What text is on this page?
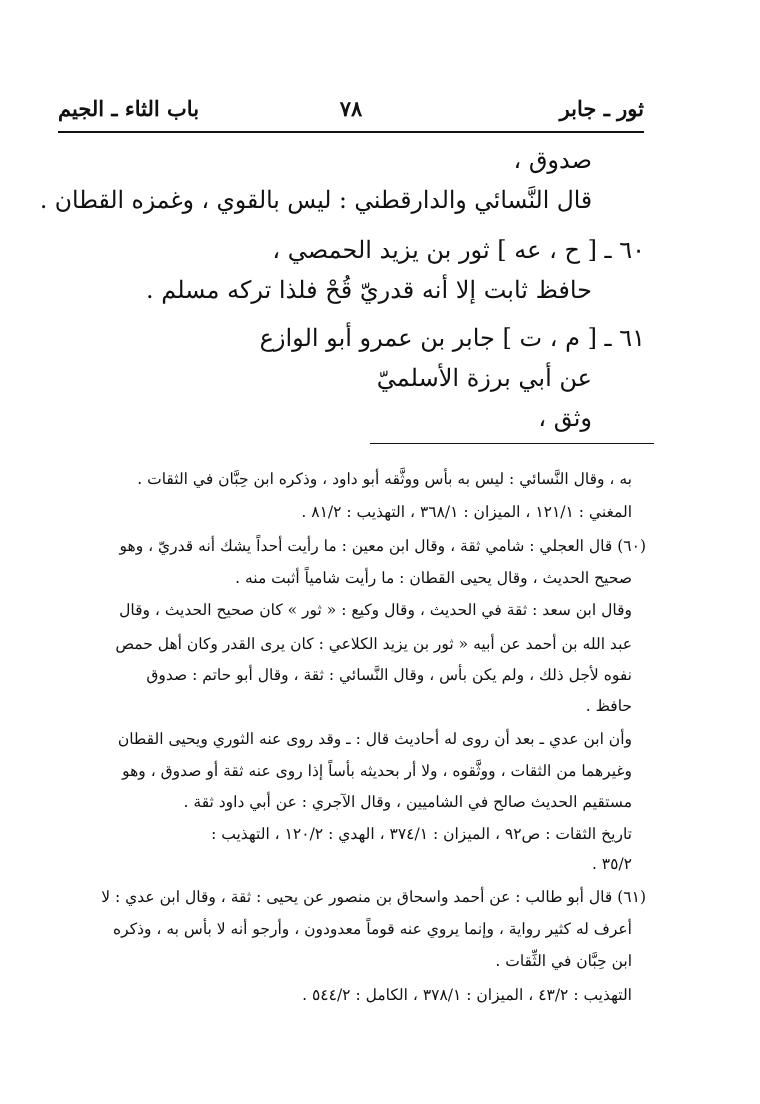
ثور ـ جابر
٧٨
باب الثاء ـ الجيم
صدوق ،
قال النَّسائي والدارقطني : ليس بالقوي ، وغمزه القطان .
٦٠ ـ [ ح ، عه ] ثور بن يزيد الحمصي ،
حافظ ثابت إلا أنه قدريّ قُحْ فلذا تركه مسلم .
٦١ ـ [ م ، ت ] جابر بن عمرو أبو الوازع
عن أبي برزة الأسلميّ
وثق ،
به ، وقال النَّسائي : ليس به بأس ووثَّقه أبو داود ، وذكره ابن حِبَّان في الثقات .
المغني : ١٢١/١ ، الميزان : ٣٦٨/١ ، التهذيب : ٨١/٢ .
(٦٠) قال العجلي : شامي ثقة ، وقال ابن معين : ما رأيت أحداً يشك أنه قدريّ ، وهو
صحيح الحديث ، وقال يحيى القطان : ما رأيت شامياً أثبت منه .
وقال ابن سعد : ثقة في الحديث ، وقال وكيع : « ثور » كان صحيح الحديث ، وقال
عبد الله بن أحمد عن أبيه « ثور بن يزيد الكلاعي : كان يرى القدر وكان أهل حمص
نفوه لأجل ذلك ، ولم يكن بأس ، وقال النَّسائي : ثقة ، وقال أبو حاتم : صدوق
حافظ .
وأن ابن عدي ـ بعد أن روى له أحاديث قال : ـ وقد روى عنه الثوري ويحيى القطان
وغيرهما من الثقات ، ووثَّقوه ، ولا أر بحديثه بأساً إذا روى عنه ثقة أو صدوق ، وهو
مستقيم الحديث صالح في الشاميين ، وقال الآجري : عن أبي داود ثقة .
تاريخ الثقات : ص٩٢ ، الميزان : ٣٧٤/١ ، الهدي : ١٢٠/٢ ، التهذيب :
٣٥/٢ .
(٦١) قال أبو طالب : عن أحمد واسحاق بن منصور عن يحيى : ثقة ، وقال ابن عدي : لا
أعرف له كثير رواية ، وإنما يروي عنه قوماً معدودون ، وأرجو أنه لا بأس به ، وذكره
ابن حِبَّان في الثِّقات .
التهذيب : ٤٣/٢ ، الميزان : ٣٧٨/١ ، الكامل : ٥٤٤/٢ .
